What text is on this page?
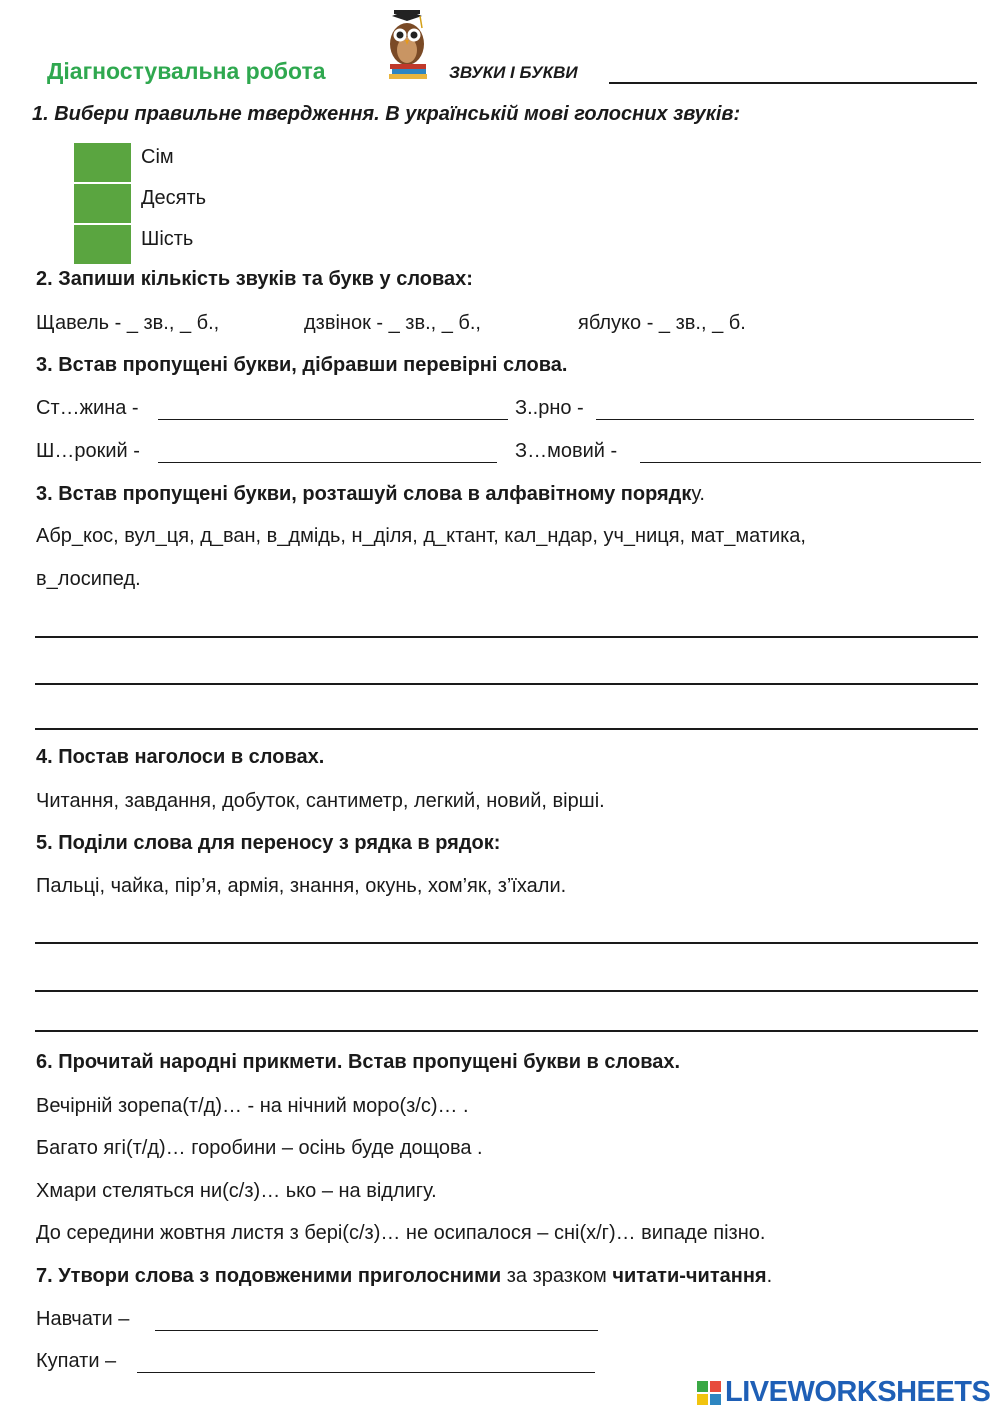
Діагностувальна робота	ЗВУКИ І БУКВИ
1. Вибери правильне твердження. В українській мові голосних звуків:
Сім
Десять
Шість
2. Запиши кількість звуків та букв у словах:
Щавель - _ зв., _ б.,	дзвінок - _ зв., _ б.,	яблуко - _ зв., _ б.
3. Встав пропущені букви, дібравши перевірні слова.
Ст…жина -	З..рно -
Ш…рокий -	З…мовий -
3. Встав пропущені букви, розташуй слова в алфавітному порядку.
Абр_кос, вул_ця, д_ван, в_дмідь, н_діля, д_ктант, кал_ндар, уч_ниця, мат_матика,
в_лосипед.
4. Постав наголоси в словах.
Читання, завдання, добуток, сантиметр, легкий, новий, вірші.
5. Поділи слова для переносу з рядка в рядок:
Пальці, чайка, пір’я, армія, знання, окунь, хом’як, з’їхали.
6. Прочитай народні прикмети. Встав пропущені букви в словах.
Вечірній зорепа(т/д)… - на нічний моро(з/с)… .
Багато ягі(т/д)… горобини – осінь буде дощова .
Хмари стеляться ни(с/з)… ько – на відлигу.
До середини жовтня листя з бері(с/з)… не осипалося – сні(х/г)… випаде пізно.
7. Утвори слова з подовженими приголосними за зразком читати-читання.
Навчати –
Купати –
LIVEWORKSHEETS
